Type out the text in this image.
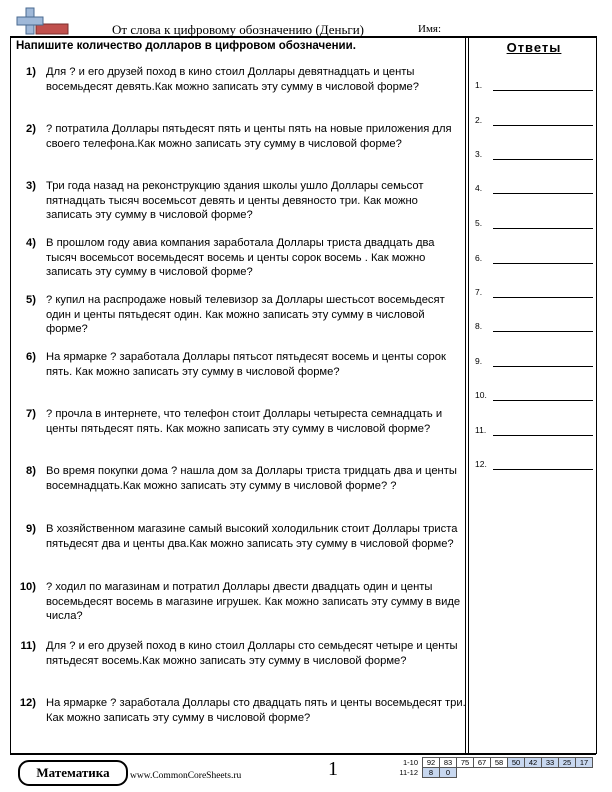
От слова к цифровому обозначению (Деньги)	Имя:
Напишите количество долларов в цифровом обозначении.
1) Для ? и его друзей поход в кино стоил Доллары девятнадцать и центы восемьдесят девять.Как можно записать эту сумму в числовой форме?
2) ? потратила Доллары пятьдесят пять и центы пять на новые приложения для своего телефона.Как можно записать эту сумму в числовой форме?
3) Три года назад на реконструкцию здания школы ушло Доллары семьсот пятнадцать тысяч восемьсот девять и центы девяносто три. Как можно записать эту сумму в числовой форме?
4) В прошлом году авиа компания заработала Доллары триста двадцать два тысяч восемьсот восемьдесят восемь и центы сорок восемь . Как можно записать эту сумму в числовой форме?
5) ? купил на распродаже новый телевизор за Доллары шестьсот восемьдесят один и центы пятьдесят один. Как можно записать эту сумму в числовой форме?
6) На ярмарке ? заработала Доллары пятьсот пятьдесят восемь и центы сорок пять. Как можно записать эту сумму в числовой форме?
7) ? прочла в интернете, что телефон стоит Доллары четыреста семнадцать и центы пятьдесят пять. Как можно записать эту сумму в числовой форме?
8) Во время покупки дома ? нашла дом за Доллары триста тридцать два и центы восемнадцать.Как можно записать эту сумму в числовой форме? ?
9) В хозяйственном магазине самый высокий холодильник стоит Доллары триста пятьдесят два и центы два.Как можно записать эту сумму в числовой форме?
10) ? ходил по магазинам и потратил Доллары двести двадцать один и центы восемьдесят восемь в магазине игрушек. Как можно записать эту сумму в виде числа?
11) Для ? и его друзей поход в кино стоил Доллары сто семьдесят четыре и центы пятьдесят восемь.Как можно записать эту сумму в числовой форме?
12) На ярмарке ? заработала Доллары сто двадцать пять и центы восемьдесят три. Как можно записать эту сумму в числовой форме?
Ответы
1.
2.
3.
4.
5.
6.
7.
8.
9.
10.
11.
12.
Математика	www.CommonCoreSheets.ru	1	1-10	92	83	75	67	58	50	42	33	25	17
11-12	8	0								
